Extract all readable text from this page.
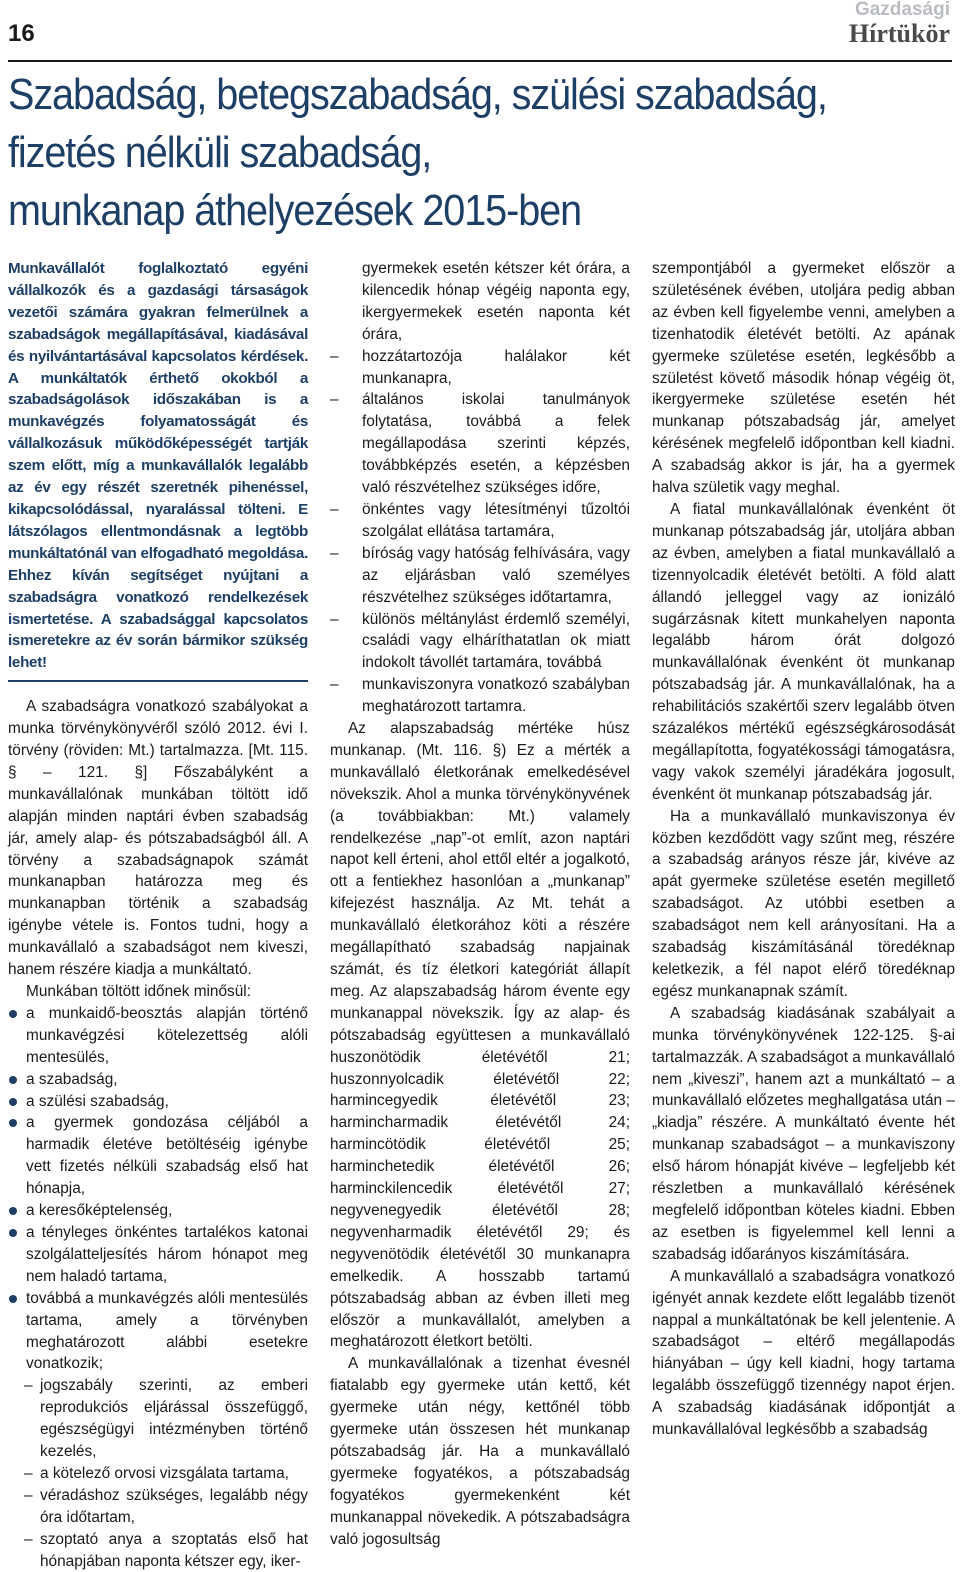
16
Gazdasági
Hírtükör
Szabadság, betegszabadság, szülési szabadság,
fizetés nélküli szabadság,
munkanap áthelyezések 2015-ben

Munkavállalót foglalkoztató egyéni vállalkozók és a gazdasági társaságok vezetői számára gyakran felmerülnek a szabadságok megállapításával, kiadásával és nyilvántartásával kapcsolatos kérdések. A munkáltatók érthető okokból a szabadságolások időszakában is a munkavégzés folyamatosságát és vállalkozásuk működőképességét tartják szem előtt, míg a munkavállalók legalább az év egy részét szeretnék pihenéssel, kikapcsolódással, nyaralással tölteni. E látszólagos ellentmondásnak a legtöbb munkáltatónál van elfogadható megoldása. Ehhez kíván segítséget nyújtani a szabadságra vonatkozó rendelkezések ismertetése. A szabadsággal kapcsolatos ismeretekre az év során bármikor szükség lehet!

A szabadságra vonatkozó szabályokat a munka törvénykönyvéről szóló 2012. évi I. törvény (röviden: Mt.) tartalmazza. [Mt. 115. § – 121. §] Főszabályként a munkavállalónak munkában töltött idő alapján minden naptári évben szabadság jár, amely alap- és pótszabadságból áll. A törvény a szabadságnapok számát munkanapban határozza meg és munkanapban történik a szabadság igénybe vétele is. Fontos tudni, hogy a munkavállaló a szabadságot nem kiveszi, hanem részére kiadja a munkáltató.

Munkában töltött időnek minősül:

a munkaidő-beosztás alapján történő munkavégzési kötelezettség alóli mentesülés,
a szabadság,
a szülési szabadság,
a gyermek gondozása céljából a harmadik életéve betöltéséig igénybe vett fizetés nélküli szabadság első hat hónapja,
a keresőképtelenség,
a tényleges önkéntes tartalékos katonai szolgálatteljesítés három hónapot meg nem haladó tartama,
továbbá a munkavégzés alóli mentesülés tartama, amely a törvényben meghatározott alábbi esetekre vonatkozik;
– jogszabály szerinti, az emberi reprodukciós eljárással összefüggő, egészségügyi intézményben történő kezelés,
– a kötelező orvosi vizsgálata tartama,
– véradáshoz szükséges, legalább négy óra időtartam,
– szoptató anya a szoptatás első hat hónapjában naponta kétszer egy, iker-

gyermekek esetén kétszer két órára, a kilencedik hónap végéig naponta egy, ikergyermekek esetén naponta két órára,

– hozzátartozója halálakor két munkanapra,
– általános iskolai tanulmányok folytatása, továbbá a felek megállapodása szerinti képzés, továbbképzés esetén, a képzésben való részvételhez szükséges időre,
– önkéntes vagy létesítményi tűzoltói szolgálat ellátása tartamára,
– bíróság vagy hatóság felhívására, vagy az eljárásban való személyes részvételhez szükséges időtartamra,
– különös méltánylást érdemlő személyi, családi vagy elháríthatatlan ok miatt indokolt távollét tartamára, továbbá
– munkaviszonyra vonatkozó szabályban meghatározott tartamra.

Az alapszabadság mértéke húsz munkanap. (Mt. 116. §) Ez a mérték a munkavállaló életkorának emelkedésével növekszik. Ahol a munka törvénykönyvének (a továbbiakban: Mt.) valamely rendelkezése „nap”-ot említ, azon naptári napot kell érteni, ahol ettől eltér a jogalkotó, ott a fentiekhez hasonlóan a „munkanap” kifejezést használja. Az Mt. tehát a munkavállaló életkorához köti a részére megállapítható szabadság napjainak számát, és tíz életkori kategóriát állapít meg. Az alapszabadság három évente egy munkanappal növekszik. Így az alap- és pótszabadság együttesen a munkavállaló huszonötödik életévétől 21; huszonnyolcadik életévétől 22; harmincegyedik életévétől 23; harmincharmadik életévétől 24; harmincötödik életévétől 25; harminchetedik életévétől 26; harminckilencedik életévétől 27; negyvenegyedik életévétől 28; negyvenharmadik életévétől 29; és negyvenötödik életévétől 30 munkanapra emelkedik. A hosszabb tartamú pótszabadság abban az évben illeti meg először a munkavállalót, amelyben a meghatározott életkort betölti.

A munkavállalónak a tizenhat évesnél fiatalabb egy gyermeke után kettő, két gyermeke után négy, kettőnél több gyermeke után összesen hét munkanap pótszabadság jár. Ha a munkavállaló gyermeke fogyatékos, a pótszabadság fogyatékos gyermekenként két munkanappal növekedik. A pótszabadságra való jogosultság

szempontjából a gyermeket először a születésének évében, utoljára pedig abban az évben kell figyelembe venni, amelyben a tizenhatodik életévét betölti. Az apának gyermeke születése esetén, legkésőbb a születést követő második hónap végéig öt, ikergyermeke születése esetén hét munkanap pótszabadság jár, amelyet kérésének megfelelő időpontban kell kiadni. A szabadság akkor is jár, ha a gyermek halva születik vagy meghal.

A fiatal munkavállalónak évenként öt munkanap pótszabadság jár, utoljára abban az évben, amelyben a fiatal munkavállaló a tizennyolcadik életévét betölti. A föld alatt állandó jelleggel vagy az ionizáló sugárzásnak kitett munkahelyen naponta legalább három órát dolgozó munkavállalónak évenként öt munkanap pótszabadság jár. A munkavállalónak, ha a rehabilitációs szakértői szerv legalább ötven százalékos mértékű egészségkárosodását megállapította, fogyatékossági támogatásra, vagy vakok személyi járadékára jogosult, évenként öt munkanap pótszabadság jár.

Ha a munkavállaló munkaviszonya év közben kezdődött vagy szűnt meg, részére a szabadság arányos része jár, kivéve az apát gyermeke születése esetén megillető szabadságot. Az utóbbi esetben a szabadságot nem kell arányosítani. Ha a szabadság kiszámításánál töredéknap keletkezik, a fél napot elérő töredéknap egész munkanapnak számít.

A szabadság kiadásának szabályait a munka törvénykönyvének 122-125. §-ai tartalmazzák. A szabadságot a munkavállaló nem „kiveszi”, hanem azt a munkáltató – a munkavállaló előzetes meghallgatása után – „kiadja” részére. A munkáltató évente hét munkanap szabadságot – a munkaviszony első három hónapját kivéve – legfeljebb két részletben a munkavállaló kérésének megfelelő időpontban köteles kiadni. Ebben az esetben is figyelemmel kell lenni a szabadság időarányos kiszámítására.

A munkavállaló a szabadságra vonatkozó igényét annak kezdete előtt legalább tizenöt nappal a munkáltatónak be kell jelentenie. A szabadságot – eltérő megállapodás hiányában – úgy kell kiadni, hogy tartama legalább összefüggő tizennégy napot érjen. A szabadság kiadásának időpontját a munkavállalóval legkésőbb a szabadság
